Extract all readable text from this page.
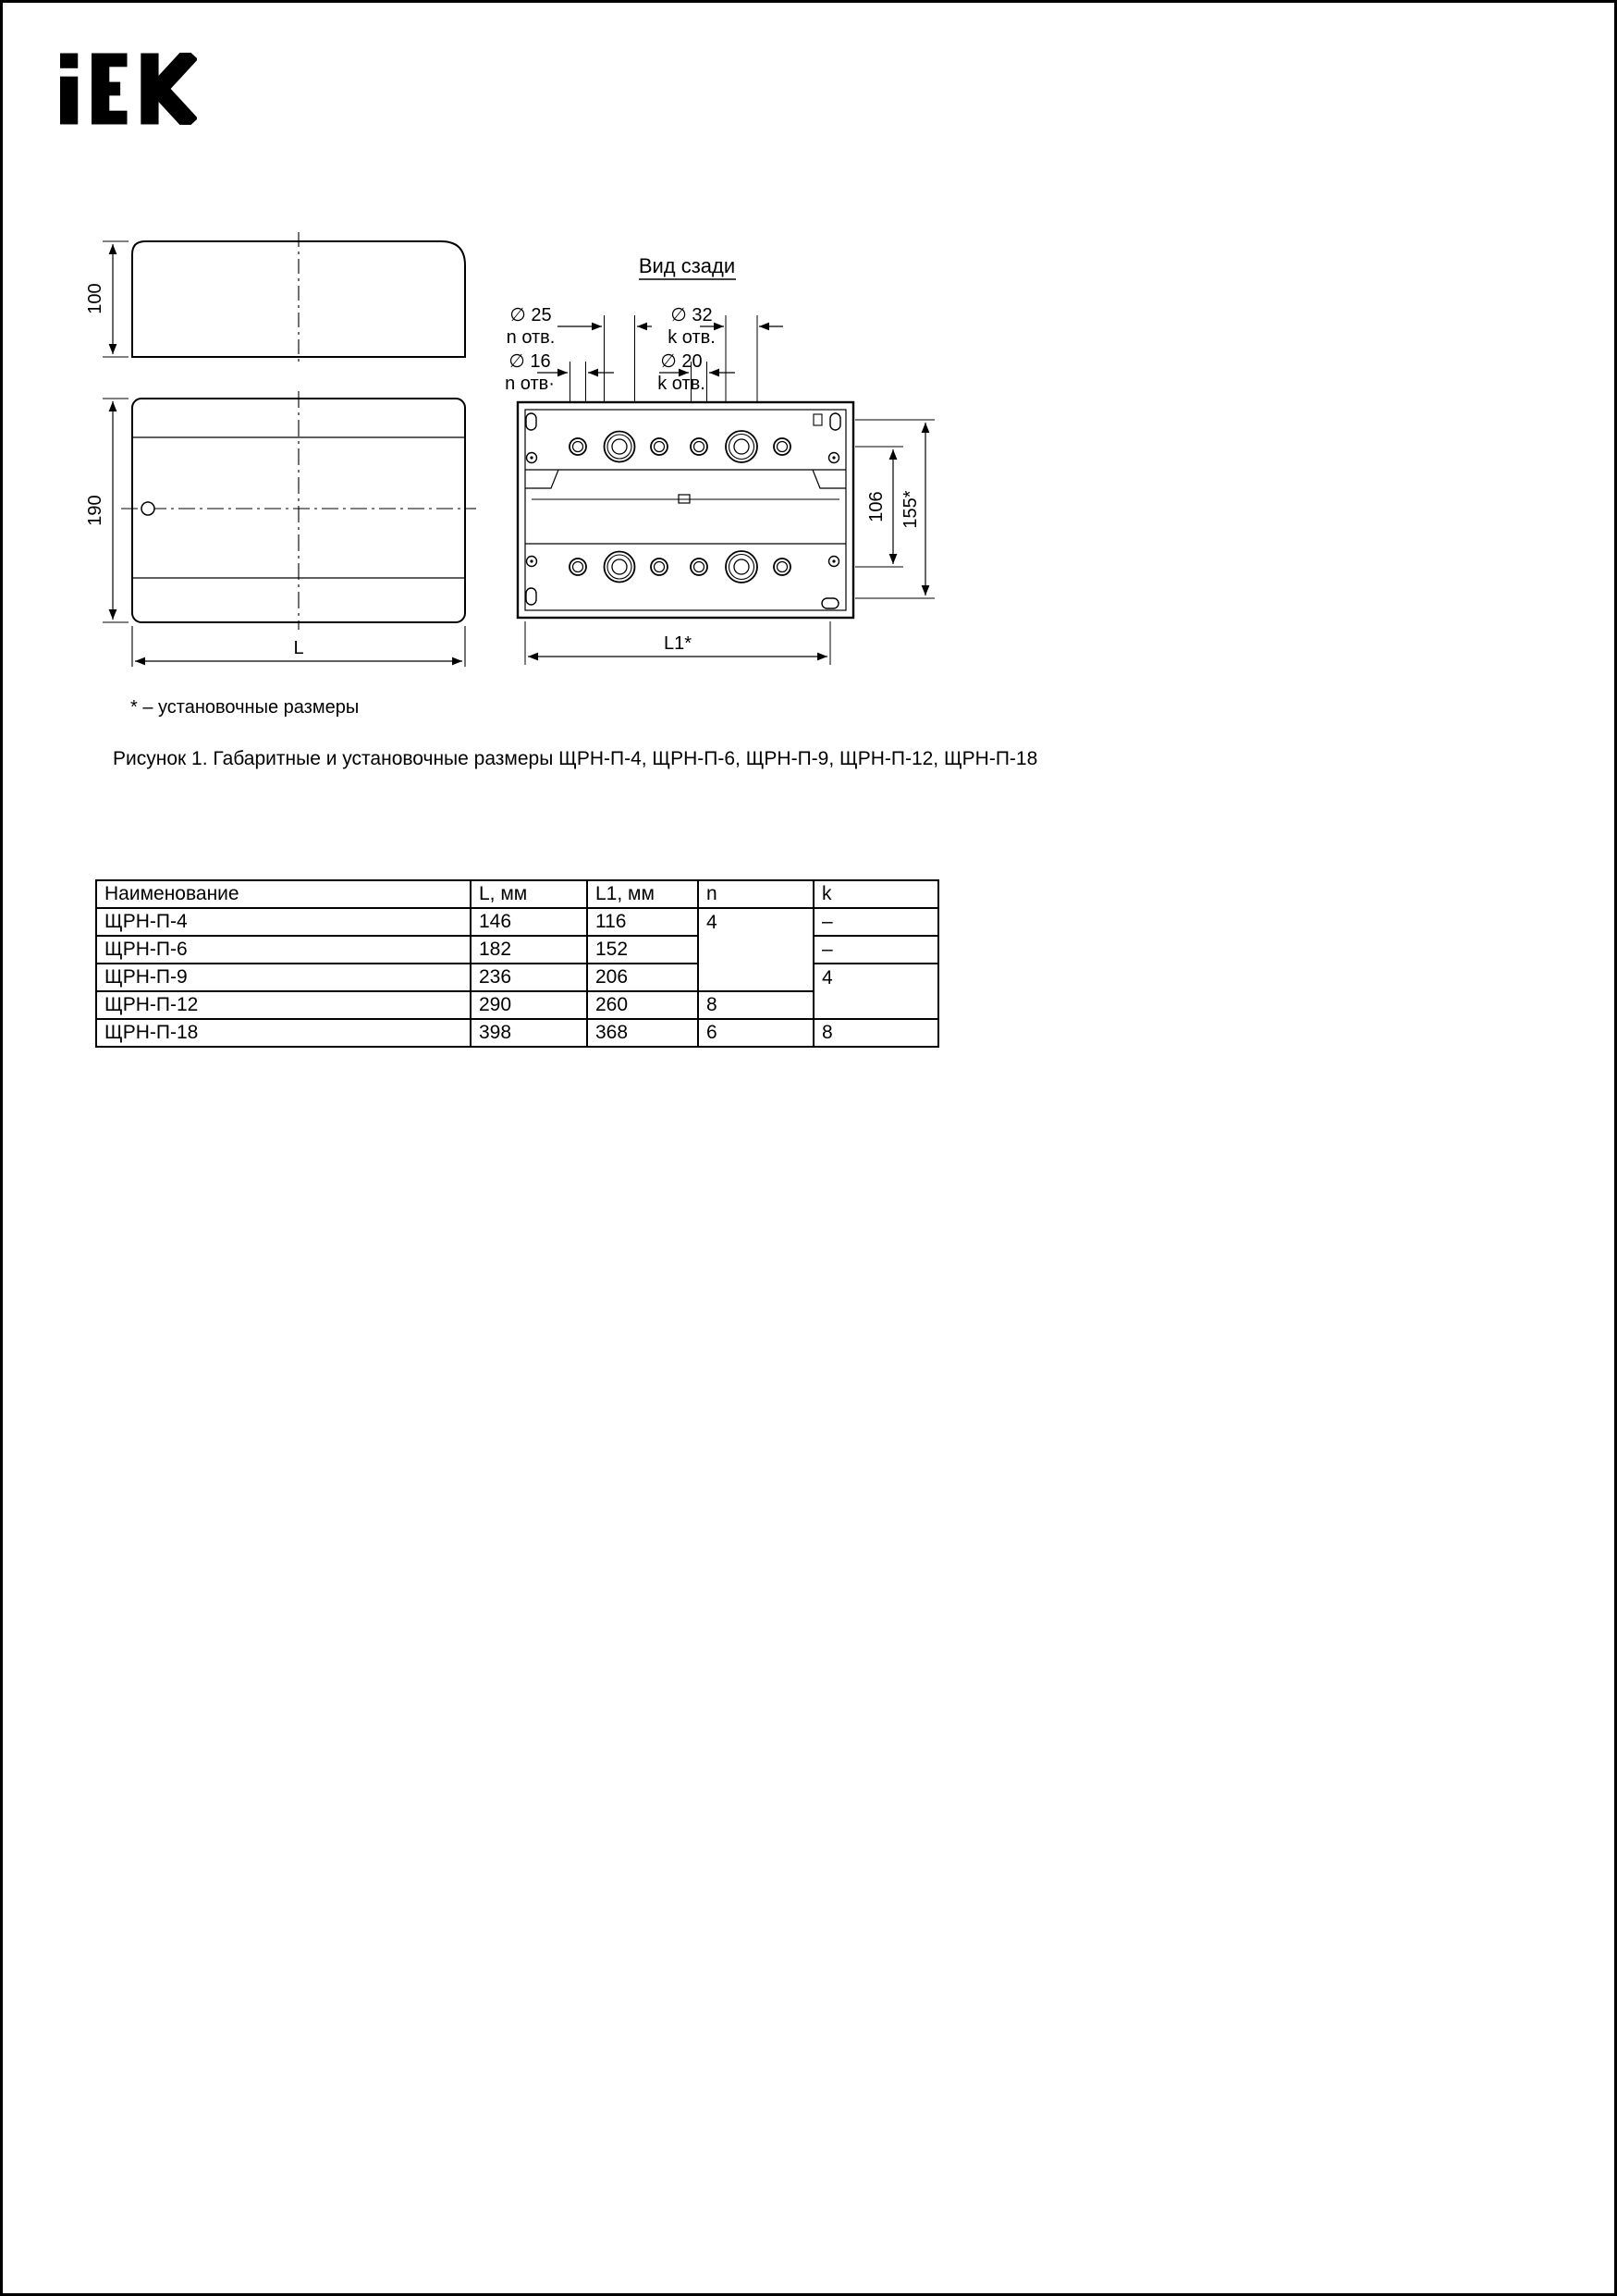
100
190
L
Вид сзади
∅ 25
n отв.
∅ 32
k отв.
∅ 16
n отв·
∅ 20
k отв.
106 155*
L1*
* – установочные размеры
Рисунок 1. Габаритные и установочные размеры ЩРН-П-4, ЩРН-П-6, ЩРН-П-9, ЩРН-П-12, ЩРН-П-18
Наименование	L, мм	L1, мм	n	k
ЩРН-П-4	146	116	4	–
ЩРН-П-6	182	152		–
ЩРН-П-9	236	206		4
ЩРН-П-12	290	260	8	
ЩРН-П-18	398	368	6	8
